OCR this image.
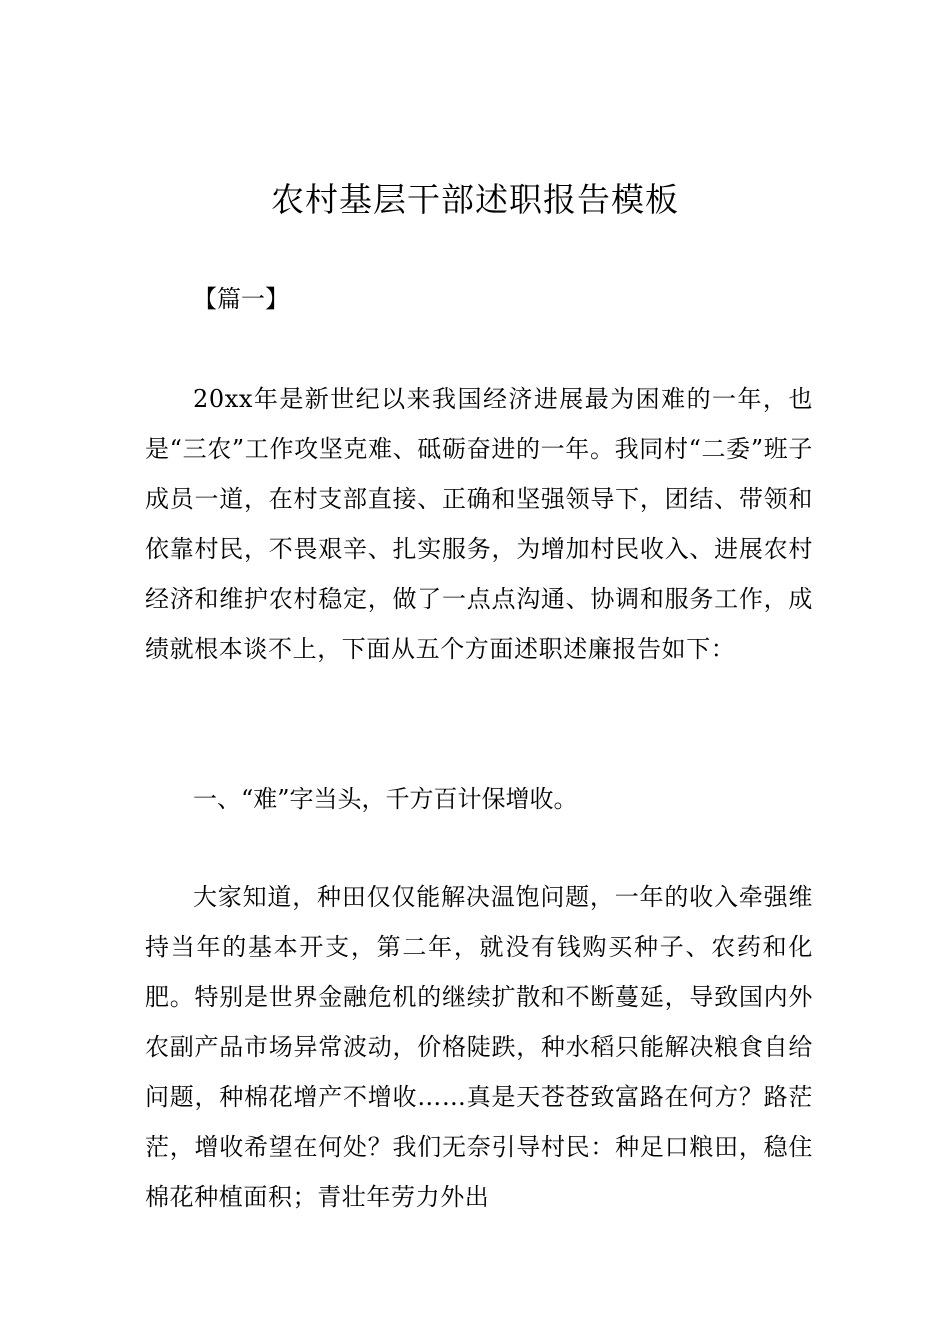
农村基层干部述职报告模板

【篇一】

20xx年是新世纪以来我国经济进展最为困难的一年，也是“三农”工作攻坚克难、砥砺奋进的一年。我同村“二委”班子成员一道，在村支部直接、正确和坚强领导下，团结、带领和依靠村民，不畏艰辛、扎实服务，为增加村民收入、进展农村经济和维护农村稳定，做了一点点沟通、协调和服务工作，成绩就根本谈不上，下面从五个方面述职述廉报告如下：

一、“难”字当头，千方百计保增收。

大家知道，种田仅仅能解决温饱问题，一年的收入牵强维持当年的基本开支，第二年，就没有钱购买种子、农药和化肥。特别是世界金融危机的继续扩散和不断蔓延，导致国内外农副产品市场异常波动，价格陡跌，种水稻只能解决粮食自给问题，种棉花增产不增收……真是天苍苍致富路在何方？路茫茫，增收希望在何处？我们无奈引导村民：种足口粮田，稳住棉花种植面积；青壮年劳力外出
